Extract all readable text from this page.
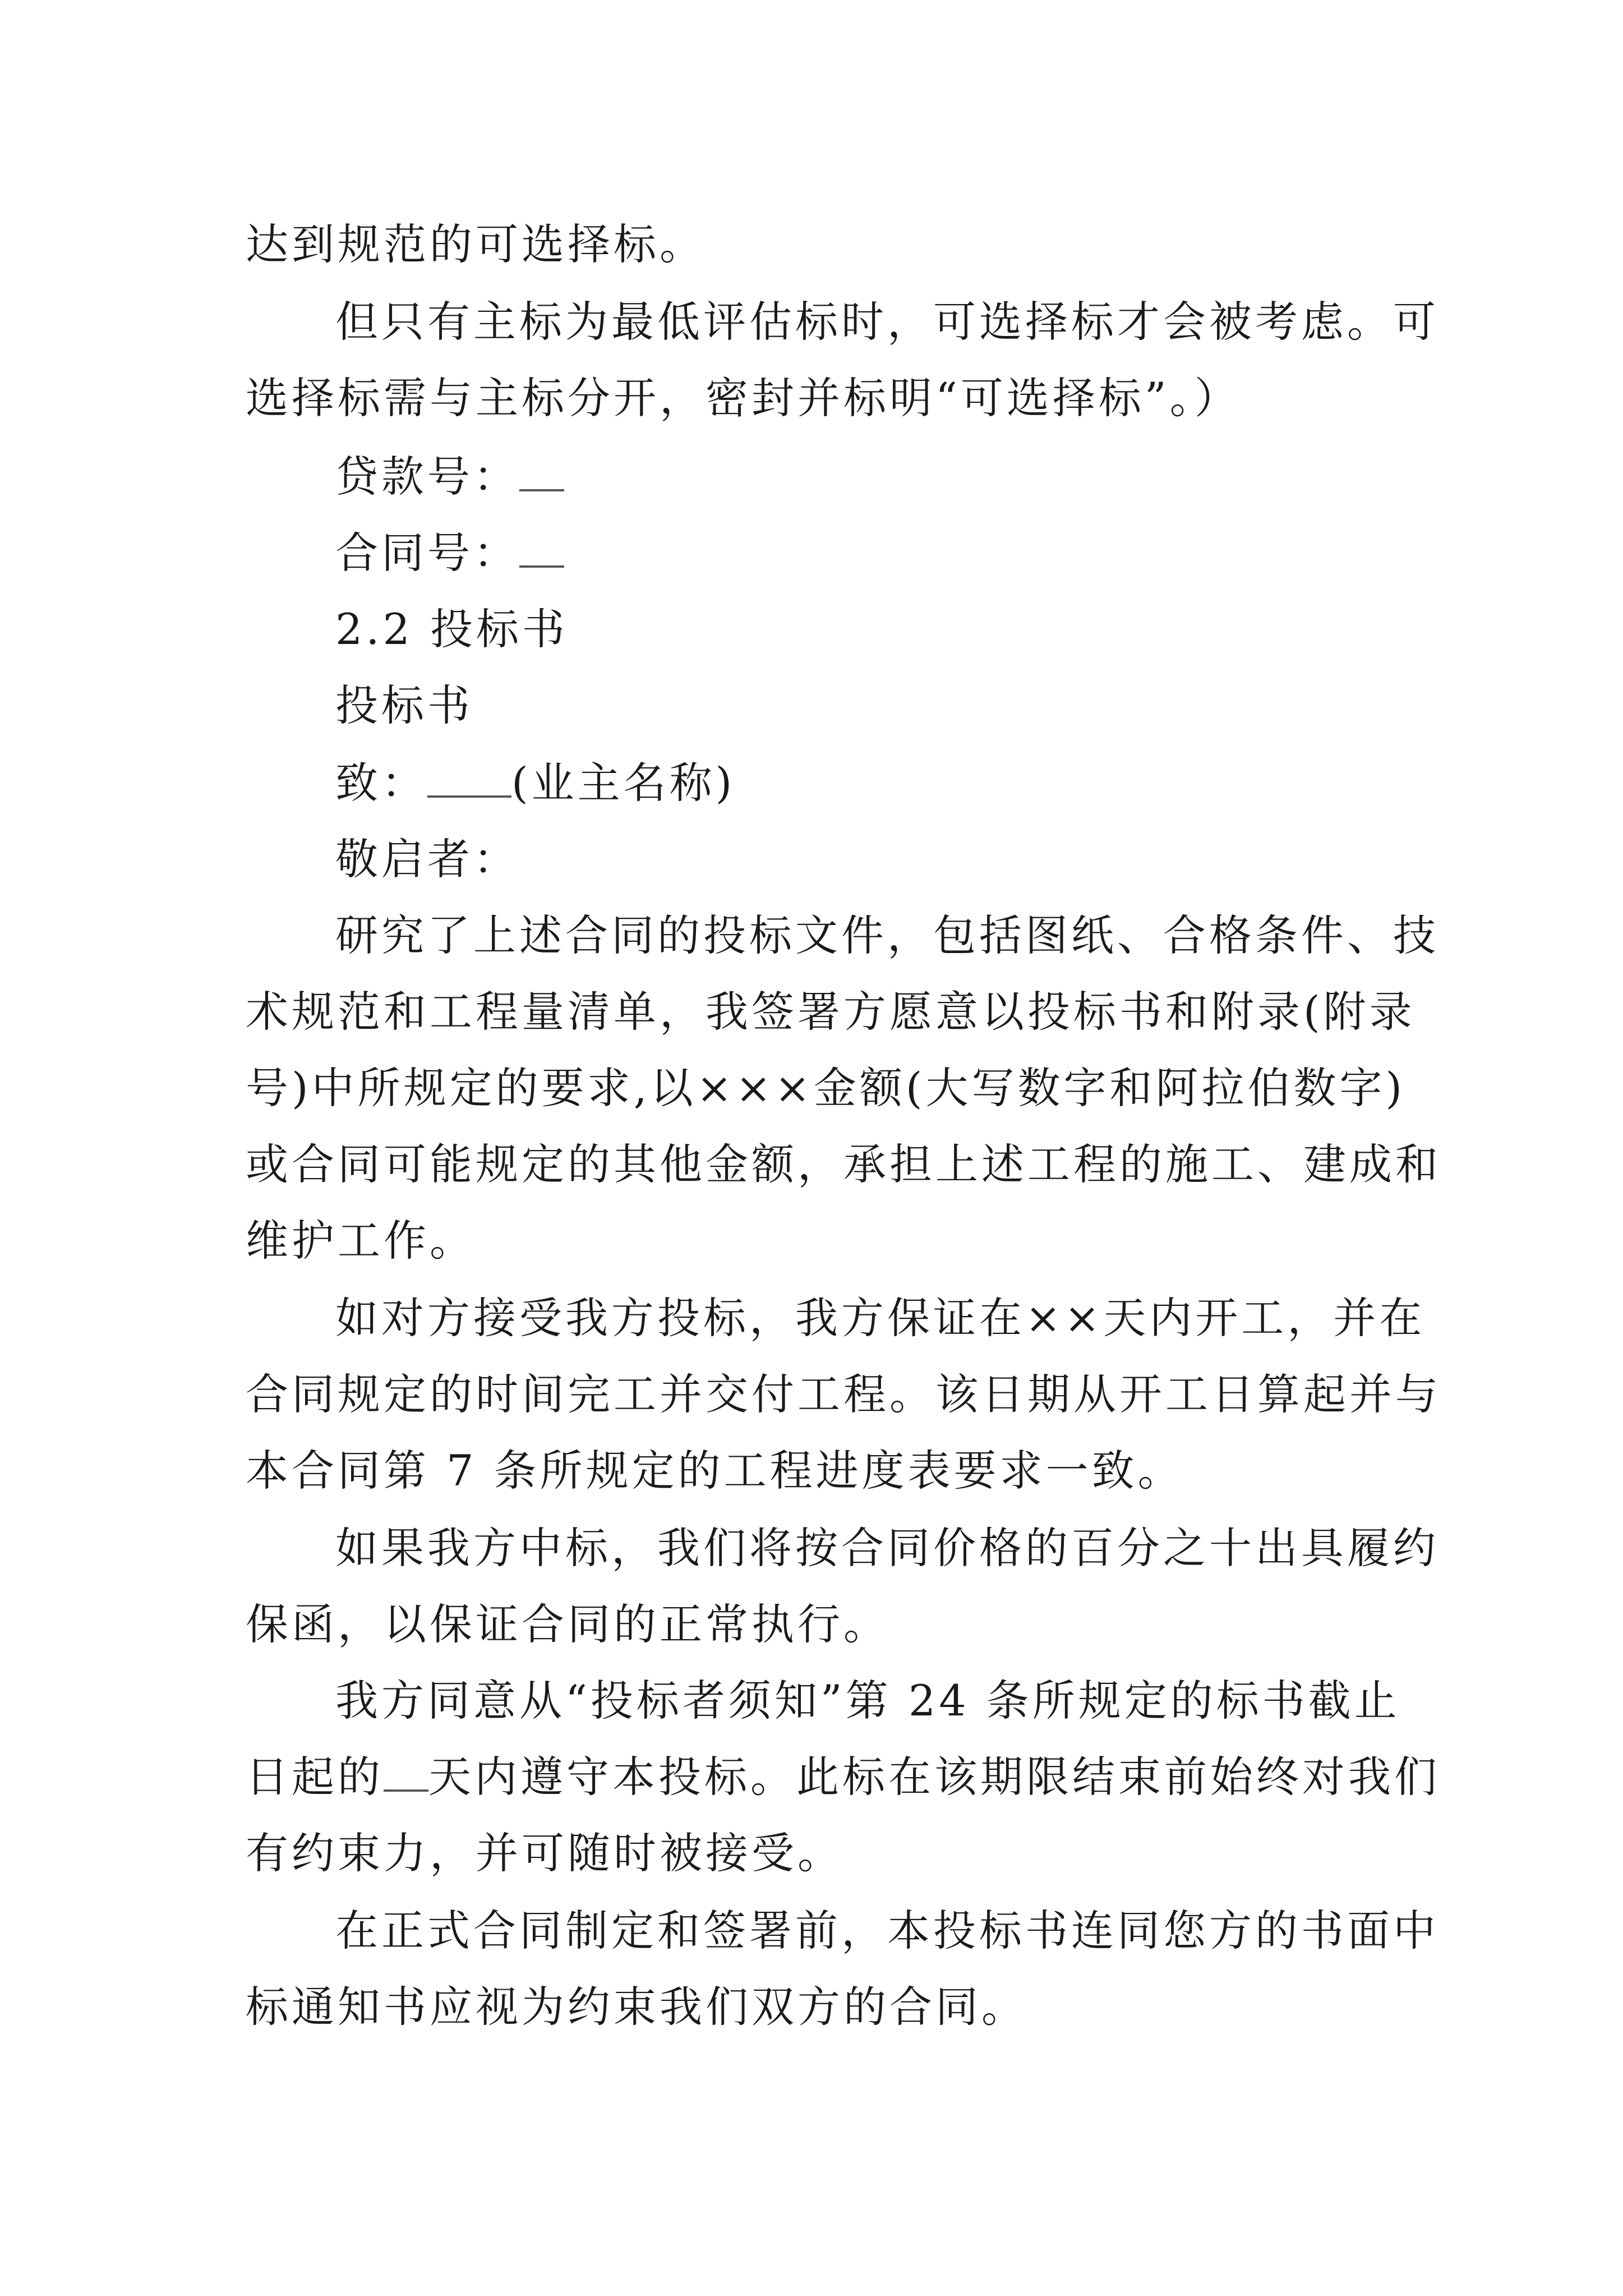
达到规范的可选择标。
但只有主标为最低评估标时，可选择标才会被考虑。可
选择标需与主标分开，密封并标明“可选择标”。）
贷款号：
合同号：
2.2 投标书
投标书
致： (业主名称)
敬启者：
研究了上述合同的投标文件，包括图纸、合格条件、技
术规范和工程量清单，我签署方愿意以投标书和附录(附录
号)中所规定的要求,以×××金额(大写数字和阿拉伯数字)
或合同可能规定的其他金额，承担上述工程的施工、建成和
维护工作。
如对方接受我方投标，我方保证在××天内开工，并在
合同规定的时间完工并交付工程。该日期从开工日算起并与
本合同第 7 条所规定的工程进度表要求一致。
如果我方中标，我们将按合同价格的百分之十出具履约
保函，以保证合同的正常执行。
我方同意从“投标者须知”第 24 条所规定的标书截止
日起的 天内遵守本投标。此标在该期限结束前始终对我们
有约束力，并可随时被接受。
在正式合同制定和签署前，本投标书连同您方的书面中
标通知书应视为约束我们双方的合同。
